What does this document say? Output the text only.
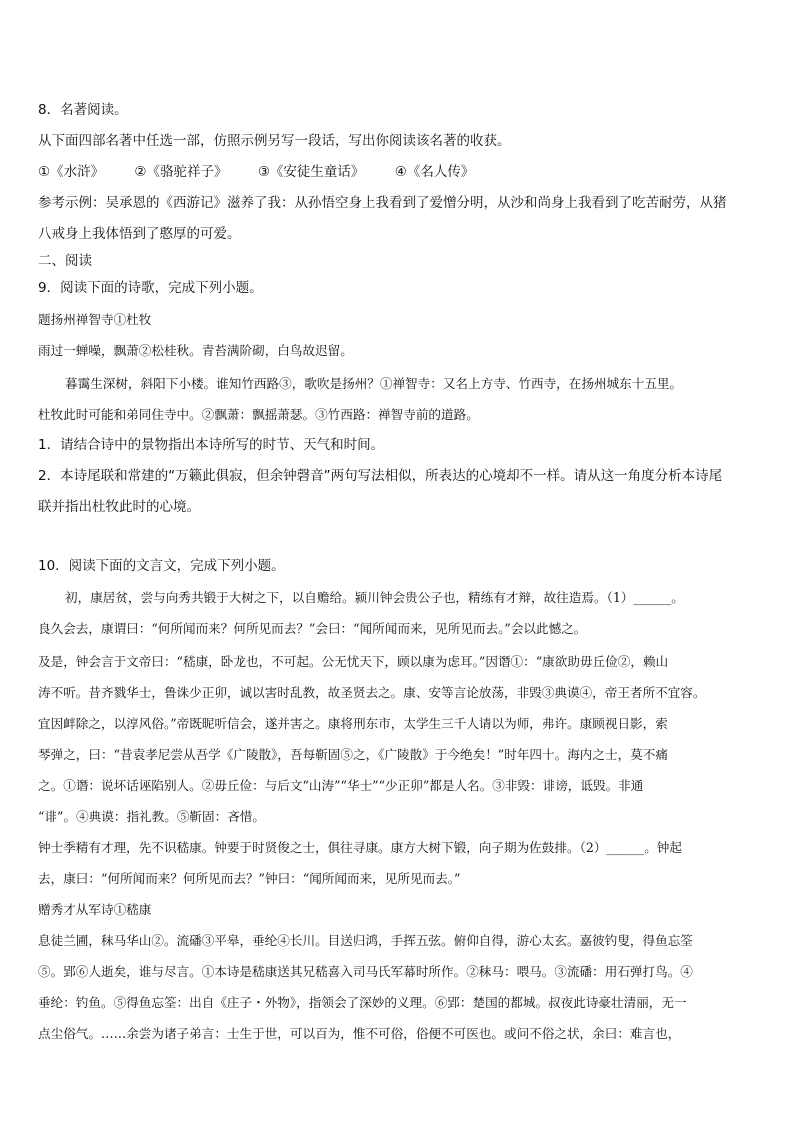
8．名著阅读。

从下面四部名著中任选一部，仿照示例另写一段话，写出你阅读该名著的收获。

①《水浒》 ②《骆驼祥子》 ③《安徒生童话》 ④《名人传》

参考示例：吴承恩的《西游记》滋养了我：从孙悟空身上我看到了爱憎分明，从沙和尚身上我看到了吃苦耐劳，从猪

八戒身上我体悟到了憨厚的可爱。

二、阅读

9．阅读下面的诗歌，完成下列小题。

题扬州禅智寺①杜牧

雨过一蝉噪，飘萧②松桂秋。青苔满阶砌，白鸟故迟留。

暮霭生深树，斜阳下小楼。谁知竹西路③，歌吹是扬州？①禅智寺：又名上方寺、竹西寺，在扬州城东十五里。

杜牧此时可能和弟同住寺中。②飘萧：飘摇萧瑟。③竹西路：禅智寺前的道路。

1．请结合诗中的景物指出本诗所写的时节、天气和时间。

2．本诗尾联和常建的“万籁此俱寂，但余钟磬音”两句写法相似，所表达的心境却不一样。请从这一角度分析本诗尾

联并指出杜牧此时的心境。

10．阅读下面的文言文，完成下列小题。

初，康居贫，尝与向秀共锻于大树之下，以自赡给。颍川钟会贵公子也，精练有才辩，故往造焉。（1）______。

良久会去，康谓曰：“何所闻而来？何所见而去？”会曰：“闻所闻而来，见所见而去。”会以此憾之。

及是，钟会言于文帝曰：“嵇康，卧龙也，不可起。公无忧天下，顾以康为虑耳。”因谮①：“康欲助毋丘俭②，赖山

涛不听。昔齐戮华士，鲁诛少正卯，诚以害时乱教，故圣贤去之。康、安等言论放荡，非毁③典谟④，帝王者所不宜容。

宜因衅除之，以淳风俗。”帝既昵听信会，遂并害之。康将刑东市，太学生三千人请以为师，弗许。康顾视日影，索

琴弹之，曰：“昔袁孝尼尝从吾学《广陵散》，吾每靳固⑤之，《广陵散》于今绝矣！”时年四十。海内之士，莫不痛

之。①谮：说坏话诬陷别人。②毋丘俭：与后文“山涛”“华士”“少正卯”都是人名。③非毁：诽谤，诋毁。非通

“诽”。④典谟：指礼教。⑤靳固：吝惜。

钟士季精有才理，先不识嵇康。钟要于时贤俊之士，俱往寻康。康方大树下锻，向子期为佐鼓排。（2）______。钟起

去，康曰：“何所闻而来？何所见而去？”钟曰：“闻所闻而来，见所见而去。”

赠秀才从军诗①嵇康

息徒兰圃，秣马华山②。流磻③平皋，垂纶④长川。目送归鸿，手挥五弦。俯仰自得，游心太玄。嘉彼钓叟，得鱼忘筌

⑤。郢⑥人逝矣，谁与尽言。①本诗是嵇康送其兄嵇喜入司马氏军幕时所作。②秣马：喂马。③流磻：用石弹打鸟。④

垂纶：钓鱼。⑤得鱼忘筌：出自《庄子・外物》，指领会了深妙的义理。⑥郢：楚国的都城。叔夜此诗豪壮清丽，无一

点尘俗气。……余尝为诸子弟言：士生于世，可以百为，惟不可俗，俗便不可医也。或问不俗之状，余曰：难言也，
